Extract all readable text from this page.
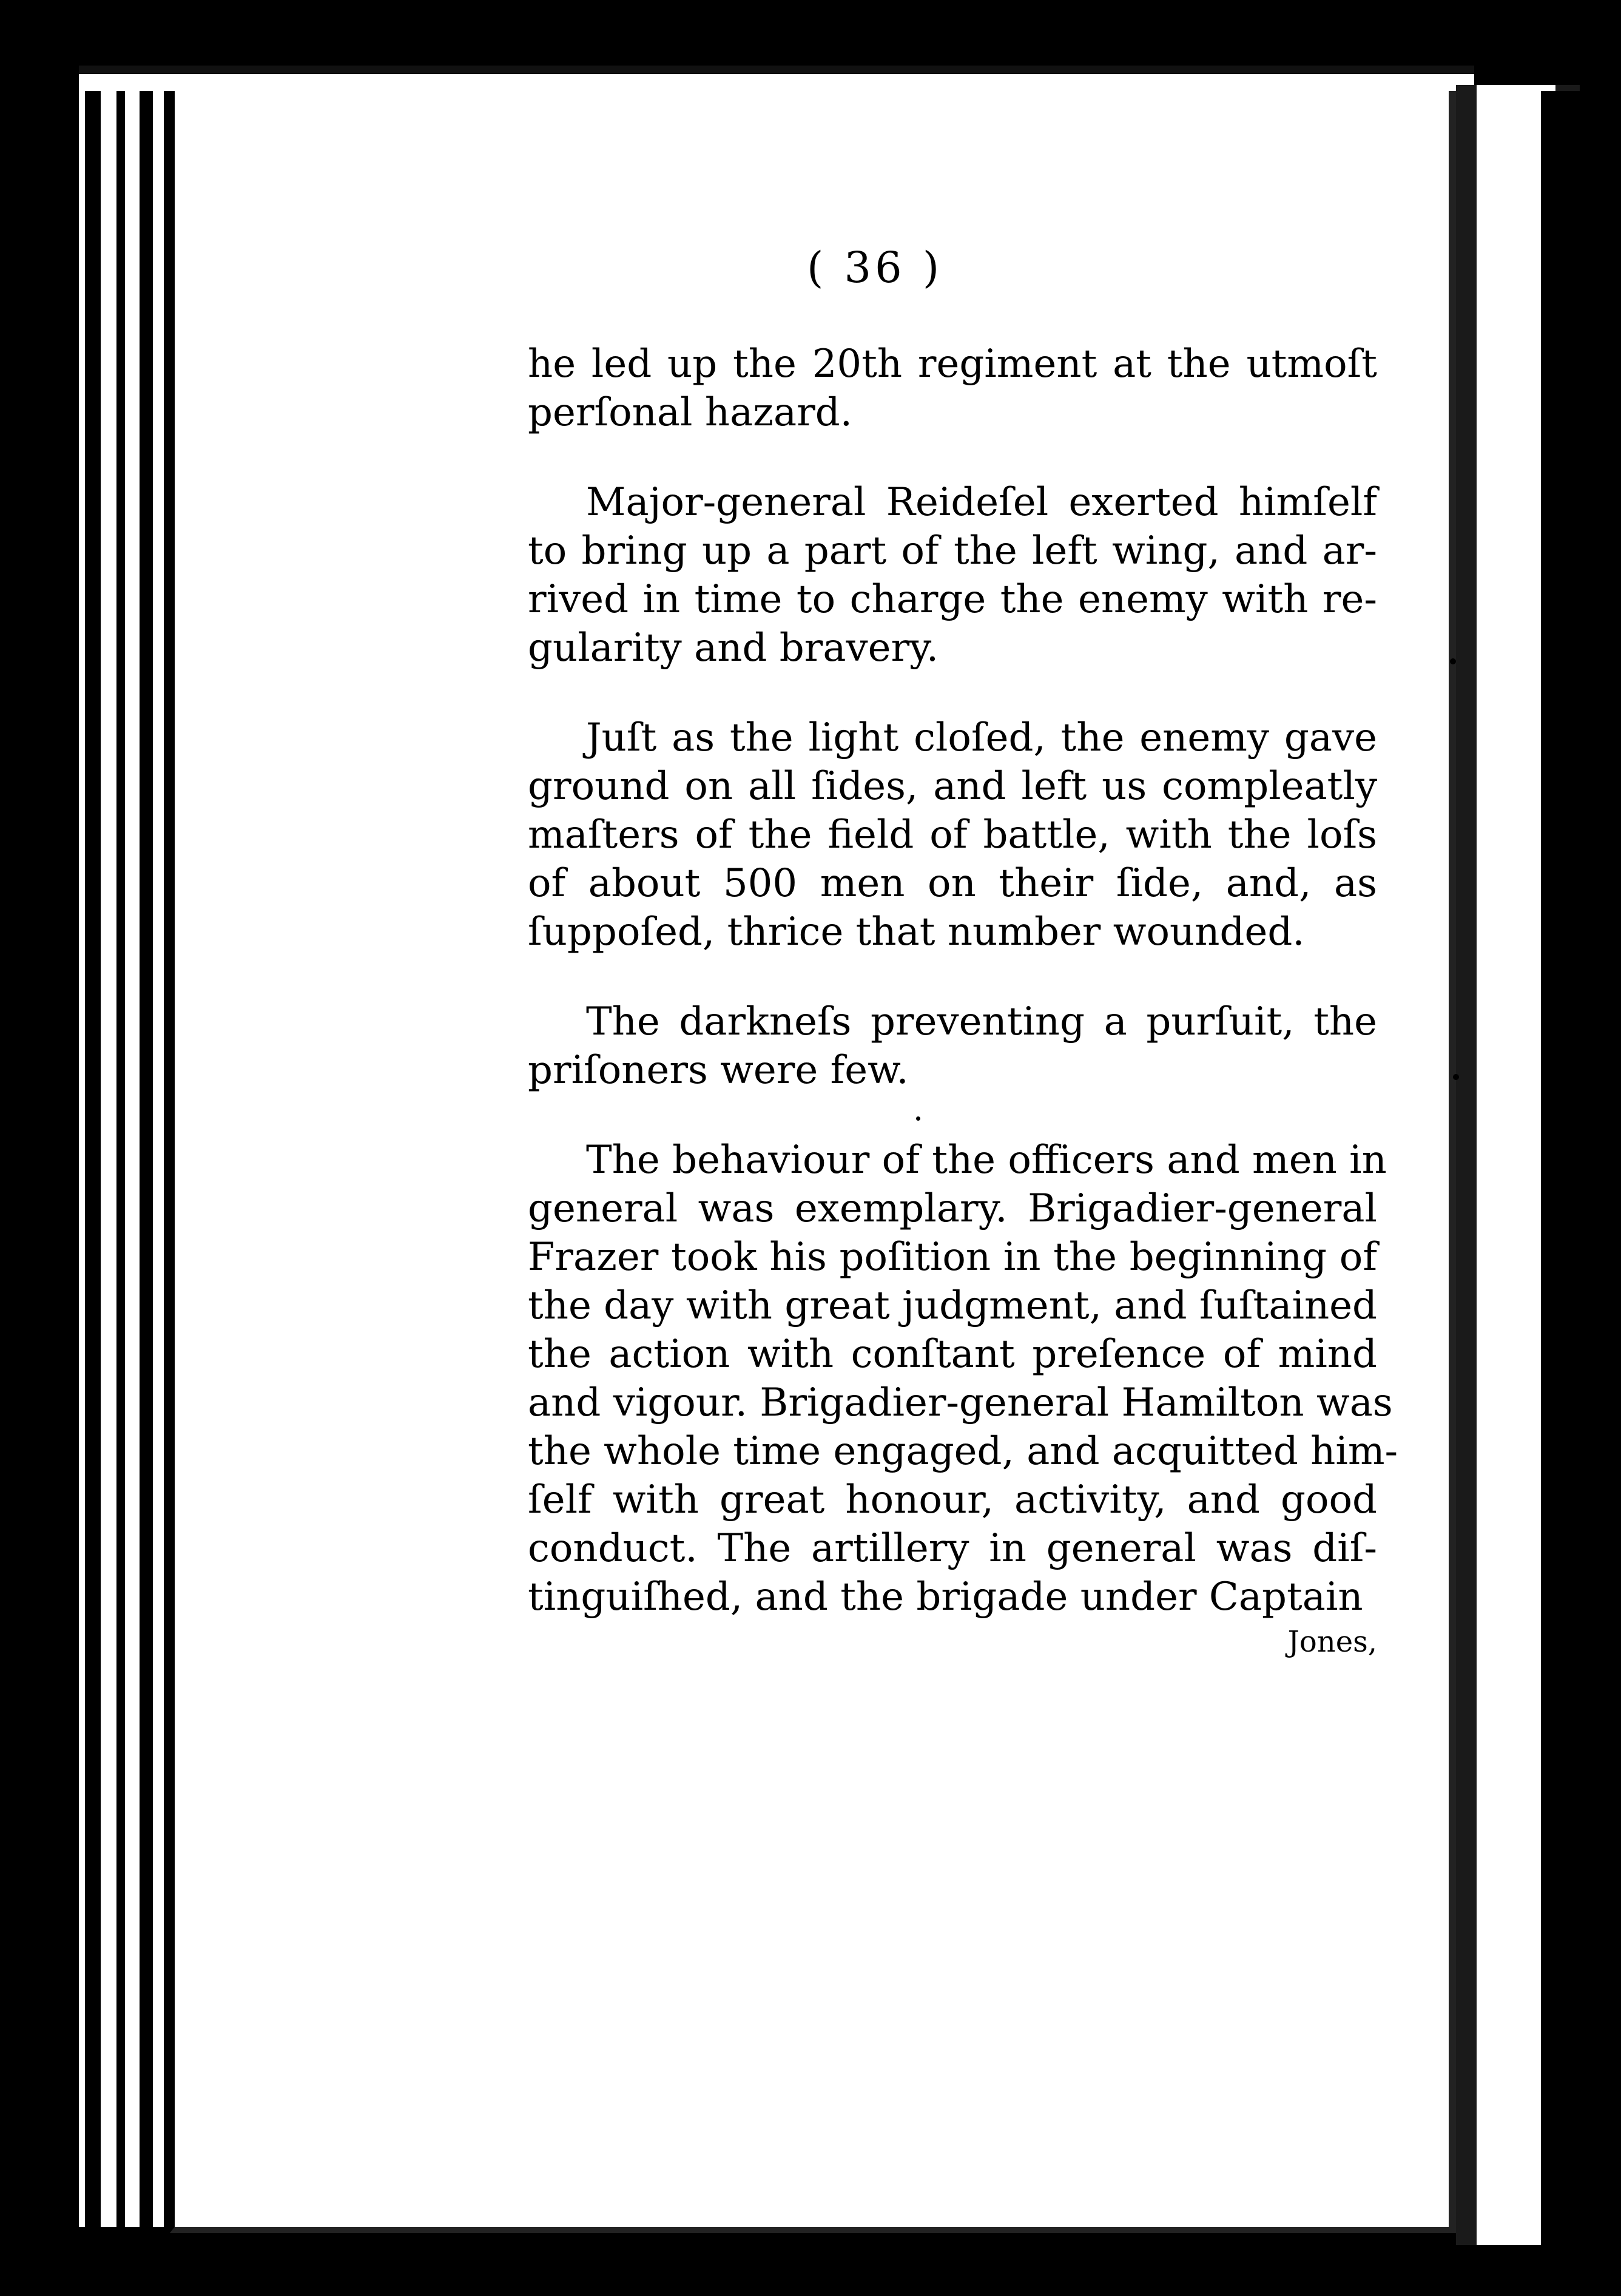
( 36 )
he led up the 20th regiment at the utmoſt
perſonal hazard.
Major-general Reideſel exerted himſelf
to bring up a part of the left wing, and ar-
rived in time to charge the enemy with re-
gularity and bravery.
Juſt as the light cloſed, the enemy gave
ground on all ſides, and left us compleatly
maſters of the field of battle, with the loſs
of about 500 men on their ſide, and, as
ſuppoſed, thrice that number wounded.
The darkneſs preventing a purſuit, the
priſoners were few.
The behaviour of the officers and men in
general was exemplary. Brigadier-general
Frazer took his poſition in the beginning of
the day with great judgment, and ſuſtained
the action with conſtant preſence of mind
and vigour. Brigadier-general Hamilton was
the whole time engaged, and acquitted him-
ſelf with great honour, activity, and good
conduct. The artillery in general was diſ-
tinguiſhed, and the brigade under Captain
Jones,
